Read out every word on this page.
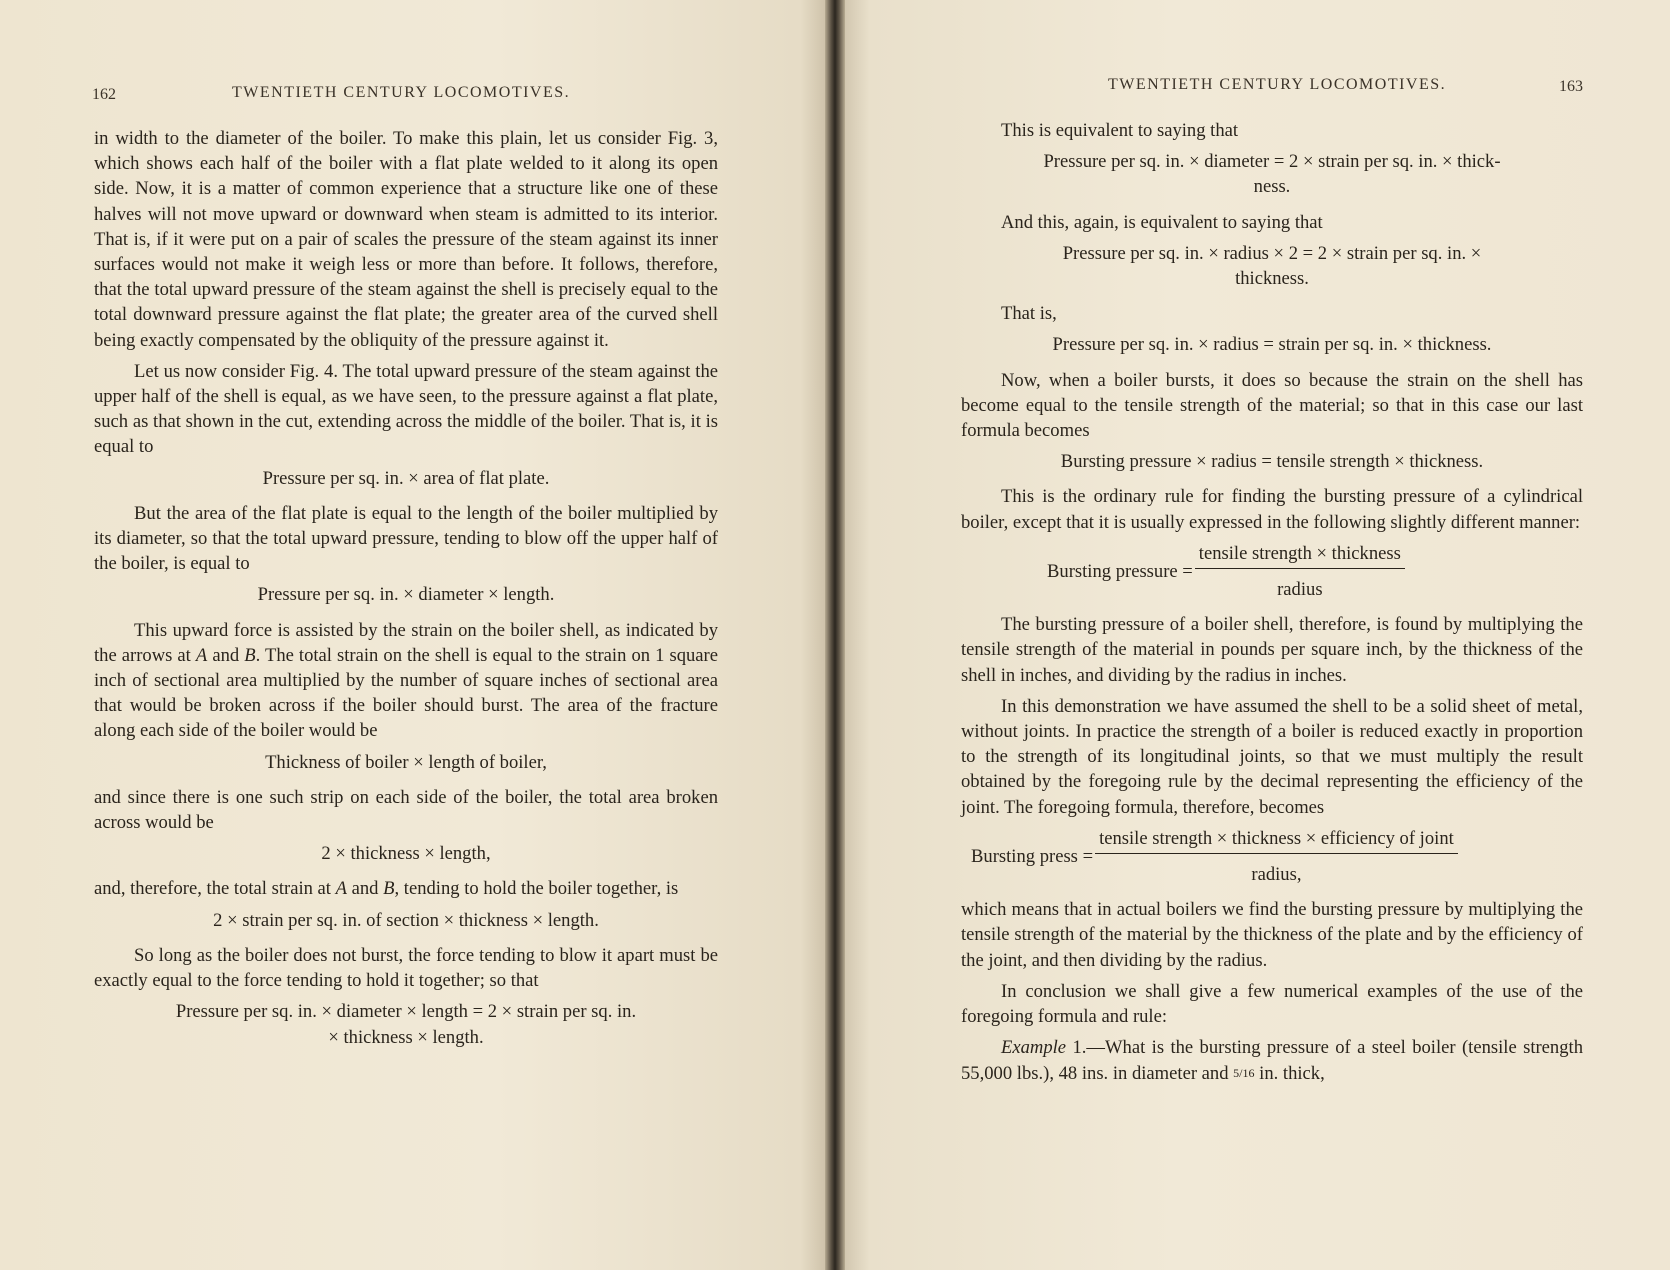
162	TWENTIETH CENTURY LOCOMOTIVES.

in width to the diameter of the boiler. To make this plain, let us consider Fig. 3, which shows each half of the boiler with a flat plate welded to it along its open side. Now, it is a matter of common experience that a structure like one of these halves will not move upward or downward when steam is admitted to its interior. That is, if it were put on a pair of scales the pressure of the steam against its inner surfaces would not make it weigh less or more than before. It follows, therefore, that the total upward pressure of the steam against the shell is precisely equal to the total downward pressure against the flat plate; the greater area of the curved shell being exactly compensated by the obliquity of the pressure against it.

Let us now consider Fig. 4. The total upward pressure of the steam against the upper half of the shell is equal, as we have seen, to the pressure against a flat plate, such as that shown in the cut, extending across the middle of the boiler. That is, it is equal to

Pressure per sq. in. × area of flat plate.

But the area of the flat plate is equal to the length of the boiler multiplied by its diameter, so that the total upward pressure, tending to blow off the upper half of the boiler, is equal to

Pressure per sq. in. × diameter × length.

This upward force is assisted by the strain on the boiler shell, as indicated by the arrows at A and B. The total strain on the shell is equal to the strain on 1 square inch of sectional area multiplied by the number of square inches of sectional area that would be broken across if the boiler should burst. The area of the fracture along each side of the boiler would be

Thickness of boiler × length of boiler,

and since there is one such strip on each side of the boiler, the total area broken across would be

2 × thickness × length,

and, therefore, the total strain at A and B, tending to hold the boiler together, is

2 × strain per sq. in. of section × thickness × length.

So long as the boiler does not burst, the force tending to blow it apart must be exactly equal to the force tending to hold it together; so that

Pressure per sq. in. × diameter × length = 2 × strain per sq. in.
× thickness × length.
TWENTIETH CENTURY LOCOMOTIVES.	163

This is equivalent to saying that

Pressure per sq. in. × diameter = 2 × strain per sq. in. × thick-
ness.

And this, again, is equivalent to saying that

Pressure per sq. in. × radius × 2 = 2 × strain per sq. in. ×
thickness.

That is,

Pressure per sq. in. × radius = strain per sq. in. × thickness.

Now, when a boiler bursts, it does so because the strain on the shell has become equal to the tensile strength of the material; so that in this case our last formula becomes

Bursting pressure × radius = tensile strength × thickness.

This is the ordinary rule for finding the bursting pressure of a cylindrical boiler, except that it is usually expressed in the following slightly different manner:

Bursting pressure = $\frac{\text{tensile strength × thickness}}{\text{radius}}$

The bursting pressure of a boiler shell, therefore, is found by multiplying the tensile strength of the material in pounds per square inch, by the thickness of the shell in inches, and dividing by the radius in inches.

In this demonstration we have assumed the shell to be a solid sheet of metal, without joints. In practice the strength of a boiler is reduced exactly in proportion to the strength of its longitudinal joints, so that we must multiply the result obtained by the foregoing rule by the decimal representing the efficiency of the joint. The foregoing formula, therefore, becomes

Bursting press = $\frac{\text{tensile strength × thickness × efficiency of joint}}{\text{radius,}}$

which means that in actual boilers we find the bursting pressure by multiplying the tensile strength of the material by the thickness of the plate and by the efficiency of the joint, and then dividing by the radius.

In conclusion we shall give a few numerical examples of the use of the foregoing formula and rule:

Example 1.—What is the bursting pressure of a steel boiler (tensile strength 55,000 lbs.), 48 ins. in diameter and 5/16 in. thick,
